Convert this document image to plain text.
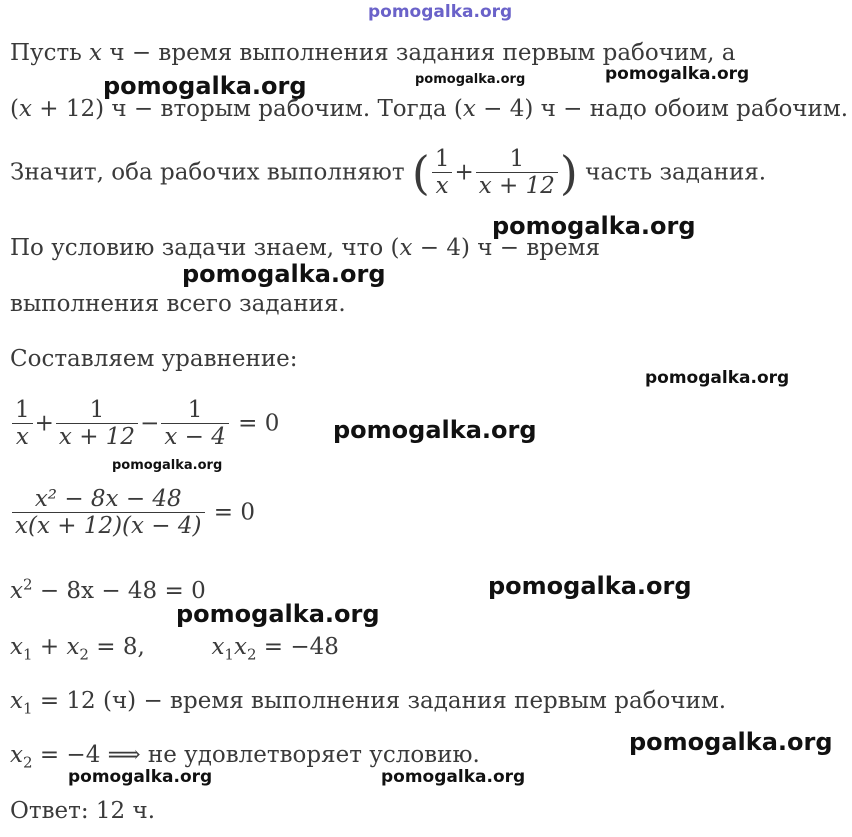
pomogalka.org
pomogalka.org	pomogalka.org	pomogalka.org
pomogalka.org
pomogalka.org
pomogalka.org
pomogalka.org
pomogalka.org
pomogalka.org
pomogalka.org
pomogalka.org
pomogalka.org	pomogalka.org
Пусть x ч − время выполнения задания первым рабочим, а
(x + 12) ч − вторым рабочим. Тогда (x − 4) ч − надо обоим рабочим.
Значит, оба рабочих выполняют ( $\frac{1}{x} + \frac{1}{x + 12}$ ) часть задания.
По условию задачи знаем, что (x − 4) ч − время
выполнения всего задания.
Составляем уравнение:
$\frac{1}{x} + \frac{1}{x + 12} - \frac{1}{x - 4} = 0$
$\frac{\text{x² − 8x − 48}}{x(x + 12)(x - 4)} = 0$
$x^2 - 8x - 48 = 0$
$x_1 + x_2 = 8$,	$x_1x_2 = -48$
$x_1 = 12$ (ч) − время выполнения задания первым рабочим.
$x_2 = -4$ ⟹ не удовлетворяет условию.
Ответ: 12 ч.
